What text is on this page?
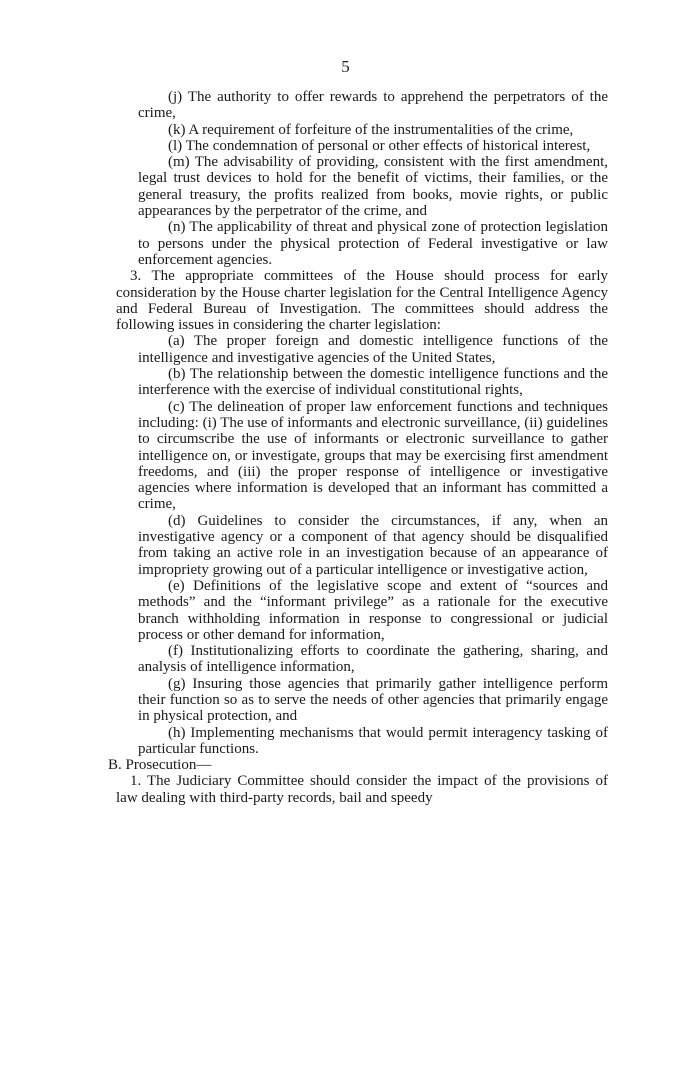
5

(j) The authority to offer rewards to apprehend the perpetrators of the crime,

(k) A requirement of forfeiture of the instrumentalities of the crime,

(l) The condemnation of personal or other effects of historical interest,

(m) The advisability of providing, consistent with the first amendment, legal trust devices to hold for the benefit of victims, their families, or the general treasury, the profits realized from books, movie rights, or public appearances by the perpetrator of the crime, and

(n) The applicability of threat and physical zone of protection legislation to persons under the physical protection of Federal investigative or law enforcement agencies.

3. The appropriate committees of the House should process for early consideration by the House charter legislation for the Central Intelligence Agency and Federal Bureau of Investigation. The committees should address the following issues in considering the charter legislation:

(a) The proper foreign and domestic intelligence functions of the intelligence and investigative agencies of the United States,

(b) The relationship between the domestic intelligence functions and the interference with the exercise of individual constitutional rights,

(c) The delineation of proper law enforcement functions and techniques including: (i) The use of informants and electronic surveillance, (ii) guidelines to circumscribe the use of informants or electronic surveillance to gather intelligence on, or investigate, groups that may be exercising first amendment freedoms, and (iii) the proper response of intelligence or investigative agencies where information is developed that an informant has committed a crime,

(d) Guidelines to consider the circumstances, if any, when an investigative agency or a component of that agency should be disqualified from taking an active role in an investigation because of an appearance of impropriety growing out of a particular intelligence or investigative action,

(e) Definitions of the legislative scope and extent of “sources and methods” and the “informant privilege” as a rationale for the executive branch withholding information in response to congressional or judicial process or other demand for information,

(f) Institutionalizing efforts to coordinate the gathering, sharing, and analysis of intelligence information,

(g) Insuring those agencies that primarily gather intelligence perform their function so as to serve the needs of other agencies that primarily engage in physical protection, and

(h) Implementing mechanisms that would permit interagency tasking of particular functions.

B. Prosecution—

1. The Judiciary Committee should consider the impact of the provisions of law dealing with third-party records, bail and speedy
